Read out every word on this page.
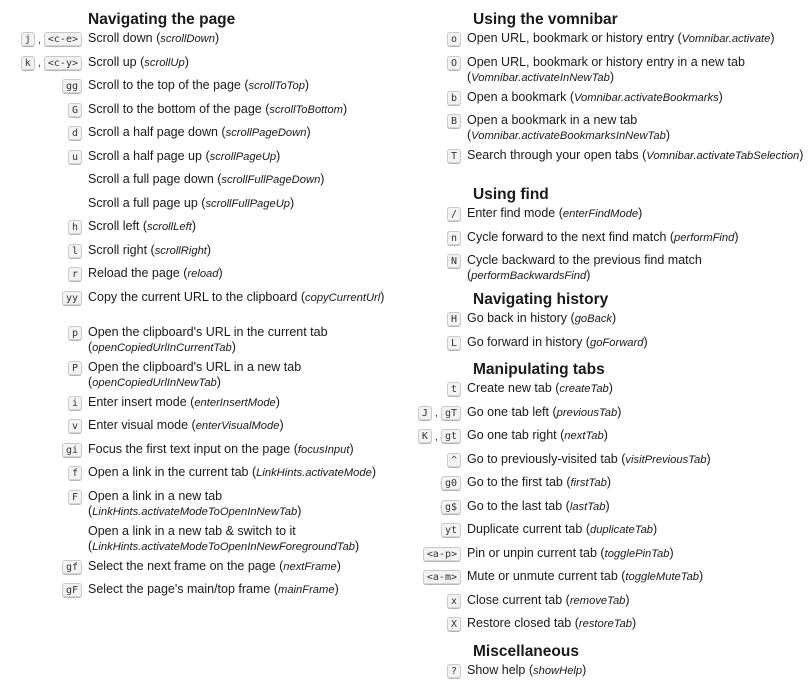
Navigating the page
j , <c-e> Scroll down (scrollDown)
k , <c-y> Scroll up (scrollUp)
gg Scroll to the top of the page (scrollToTop)
G Scroll to the bottom of the page (scrollToBottom)
d Scroll a half page down (scrollPageDown)
u Scroll a half page up (scrollPageUp)
Scroll a full page down (scrollFullPageDown)
Scroll a full page up (scrollFullPageUp)
h Scroll left (scrollLeft)
l Scroll right (scrollRight)
r Reload the page (reload)
yy Copy the current URL to the clipboard (copyCurrentUrl)
p Open the clipboard's URL in the current tab (openCopiedUrlInCurrentTab)
P Open the clipboard's URL in a new tab (openCopiedUrlInNewTab)
i Enter insert mode (enterInsertMode)
v Enter visual mode (enterVisualMode)
gi Focus the first text input on the page (focusInput)
f Open a link in the current tab (LinkHints.activateMode)
F Open a link in a new tab (LinkHints.activateModeToOpenInNewTab)
Open a link in a new tab & switch to it (LinkHints.activateModeToOpenInNewForegroundTab)
gf Select the next frame on the page (nextFrame)
gF Select the page's main/top frame (mainFrame)
Using the vomnibar
o Open URL, bookmark or history entry (Vomnibar.activate)
O Open URL, bookmark or history entry in a new tab (Vomnibar.activateInNewTab)
b Open a bookmark (Vomnibar.activateBookmarks)
B Open a bookmark in a new tab (Vomnibar.activateBookmarksInNewTab)
T Search through your open tabs (Vomnibar.activateTabSelection)
Using find
/ Enter find mode (enterFindMode)
n Cycle forward to the next find match (performFind)
N Cycle backward to the previous find match (performBackwardsFind)
Navigating history
H Go back in history (goBack)
L Go forward in history (goForward)
Manipulating tabs
t Create new tab (createTab)
J , gT Go one tab left (previousTab)
K , gt Go one tab right (nextTab)
^ Go to previously-visited tab (visitPreviousTab)
g0 Go to the first tab (firstTab)
g$ Go to the last tab (lastTab)
yt Duplicate current tab (duplicateTab)
<a-p> Pin or unpin current tab (togglePinTab)
<a-m> Mute or unmute current tab (toggleMuteTab)
x Close current tab (removeTab)
X Restore closed tab (restoreTab)
Miscellaneous
? Show help (showHelp)
